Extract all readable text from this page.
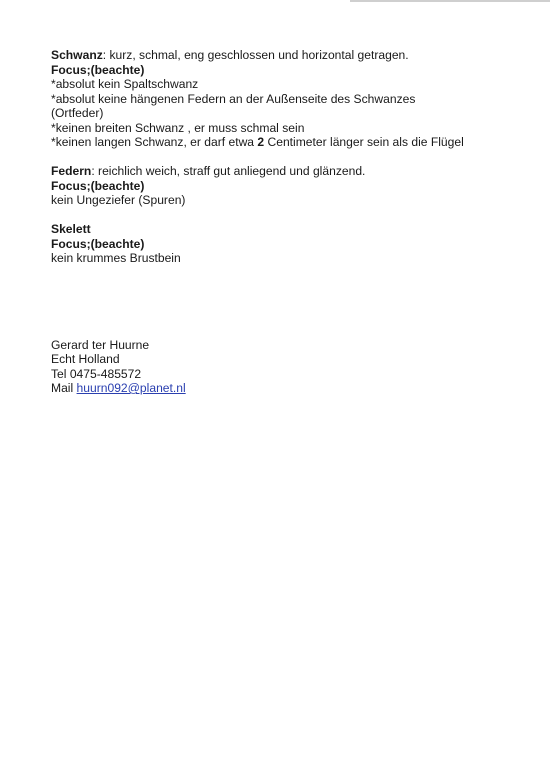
Schwanz: kurz, schmal, eng geschlossen und horizontal getragen.
Focus;(beachte)
*absolut kein Spaltschwanz
*absolut keine hängenen Federn an der Außenseite des Schwanzes
(Ortfeder)
*keinen breiten Schwanz , er muss schmal sein
*keinen langen Schwanz, er darf etwa 2 Centimeter länger sein als die Flügel
Federn: reichlich weich, straff gut anliegend und glänzend.
Focus;(beachte)
kein Ungeziefer (Spuren)
Skelett
Focus;(beachte)
kein krummes Brustbein
Gerard ter Huurne
Echt Holland
Tel 0475-485572
Mail huurn092@planet.nl
